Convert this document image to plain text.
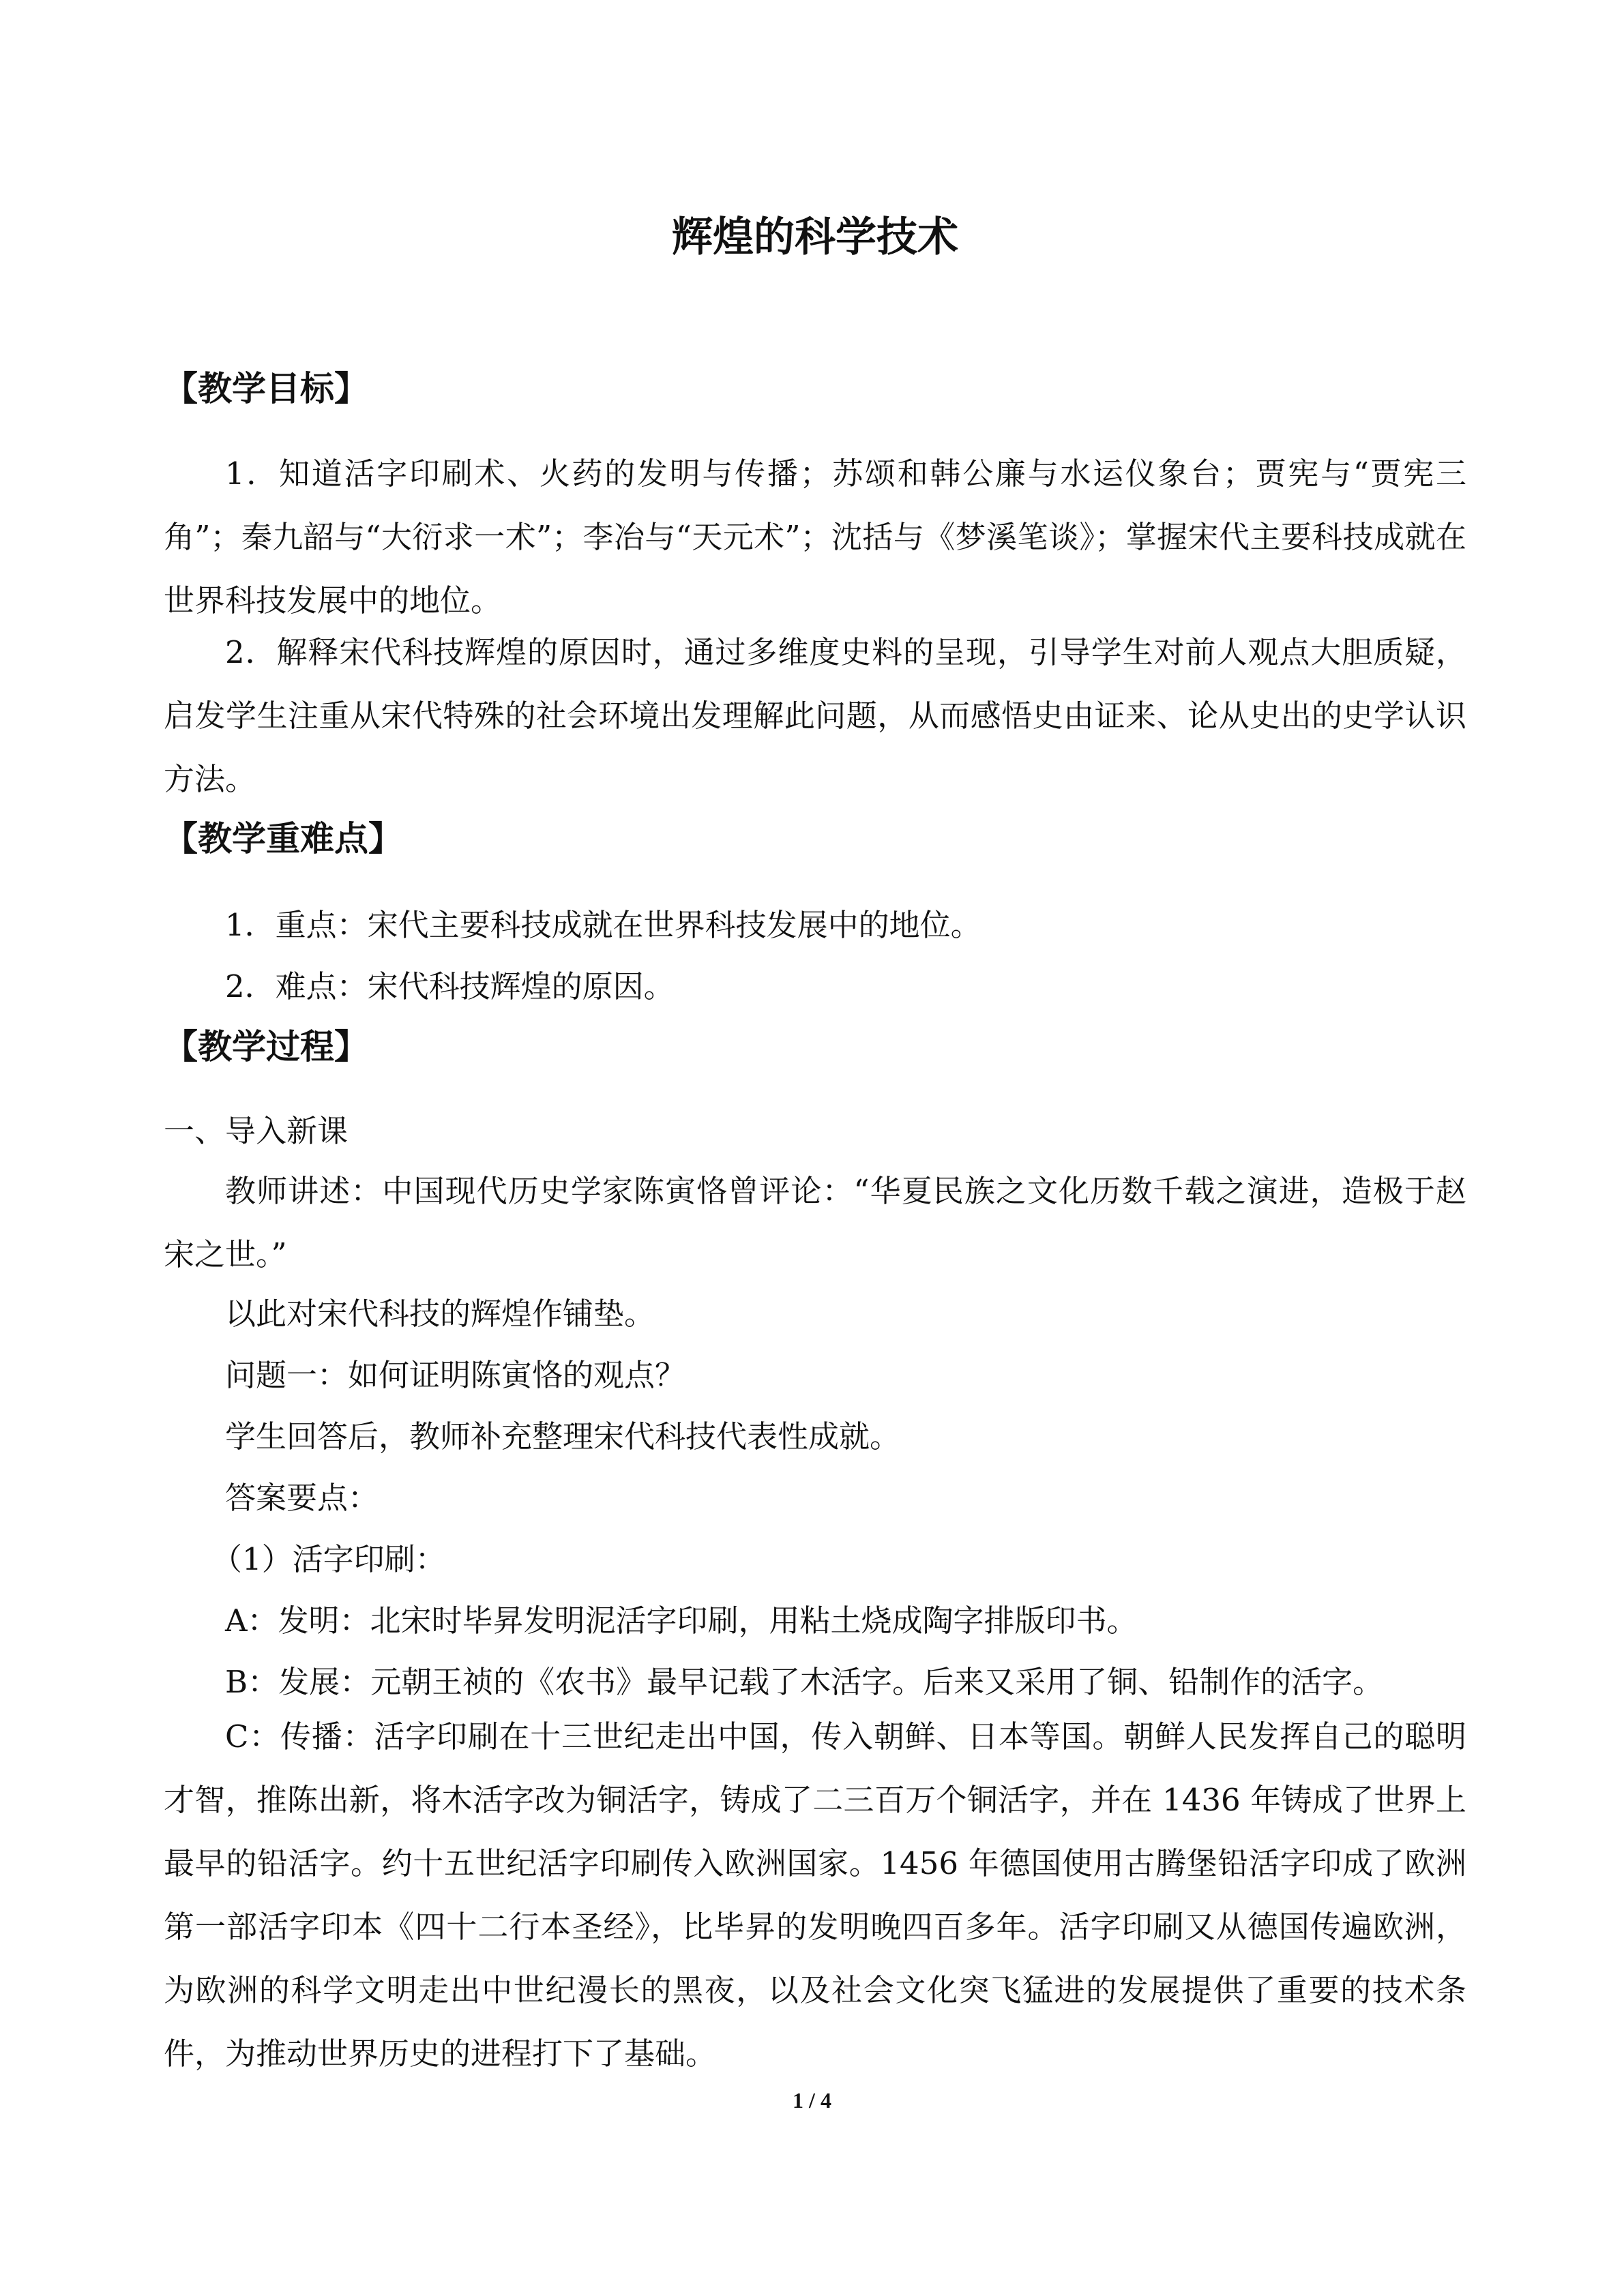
辉煌的科学技术
【教学目标】

1．知道活字印刷术、火药的发明与传播；苏颂和韩公廉与水运仪象台；贾宪与“贾宪三角”；秦九韶与“大衍求一术”；李冶与“天元术”；沈括与《梦溪笔谈》；掌握宋代主要科技成就在世界科技发展中的地位。

2．解释宋代科技辉煌的原因时，通过多维度史料的呈现，引导学生对前人观点大胆质疑，启发学生注重从宋代特殊的社会环境出发理解此问题，从而感悟史由证来、论从史出的史学认识方法。

【教学重难点】

1．重点：宋代主要科技成就在世界科技发展中的地位。

2．难点：宋代科技辉煌的原因。

【教学过程】

一、导入新课

教师讲述：中国现代历史学家陈寅恪曾评论：“华夏民族之文化历数千载之演进，造极于赵宋之世。”

以此对宋代科技的辉煌作铺垫。

问题一：如何证明陈寅恪的观点？

学生回答后，教师补充整理宋代科技代表性成就。

答案要点：

（1）活字印刷：

A：发明：北宋时毕昇发明泥活字印刷，用粘土烧成陶字排版印书。

B：发展：元朝王祯的《农书》最早记载了木活字。后来又采用了铜、铅制作的活字。

C：传播：活字印刷在十三世纪走出中国，传入朝鲜、日本等国。朝鲜人民发挥自己的聪明才智，推陈出新，将木活字改为铜活字，铸成了二三百万个铜活字，并在 1436 年铸成了世界上最早的铅活字。约十五世纪活字印刷传入欧洲国家。1456 年德国使用古腾堡铅活字印成了欧洲第一部活字印本《四十二行本圣经》，比毕昇的发明晚四百多年。活字印刷又从德国传遍欧洲，为欧洲的科学文明走出中世纪漫长的黑夜，以及社会文化突飞猛进的发展提供了重要的技术条件，为推动世界历史的进程打下了基础。

1 / 4
